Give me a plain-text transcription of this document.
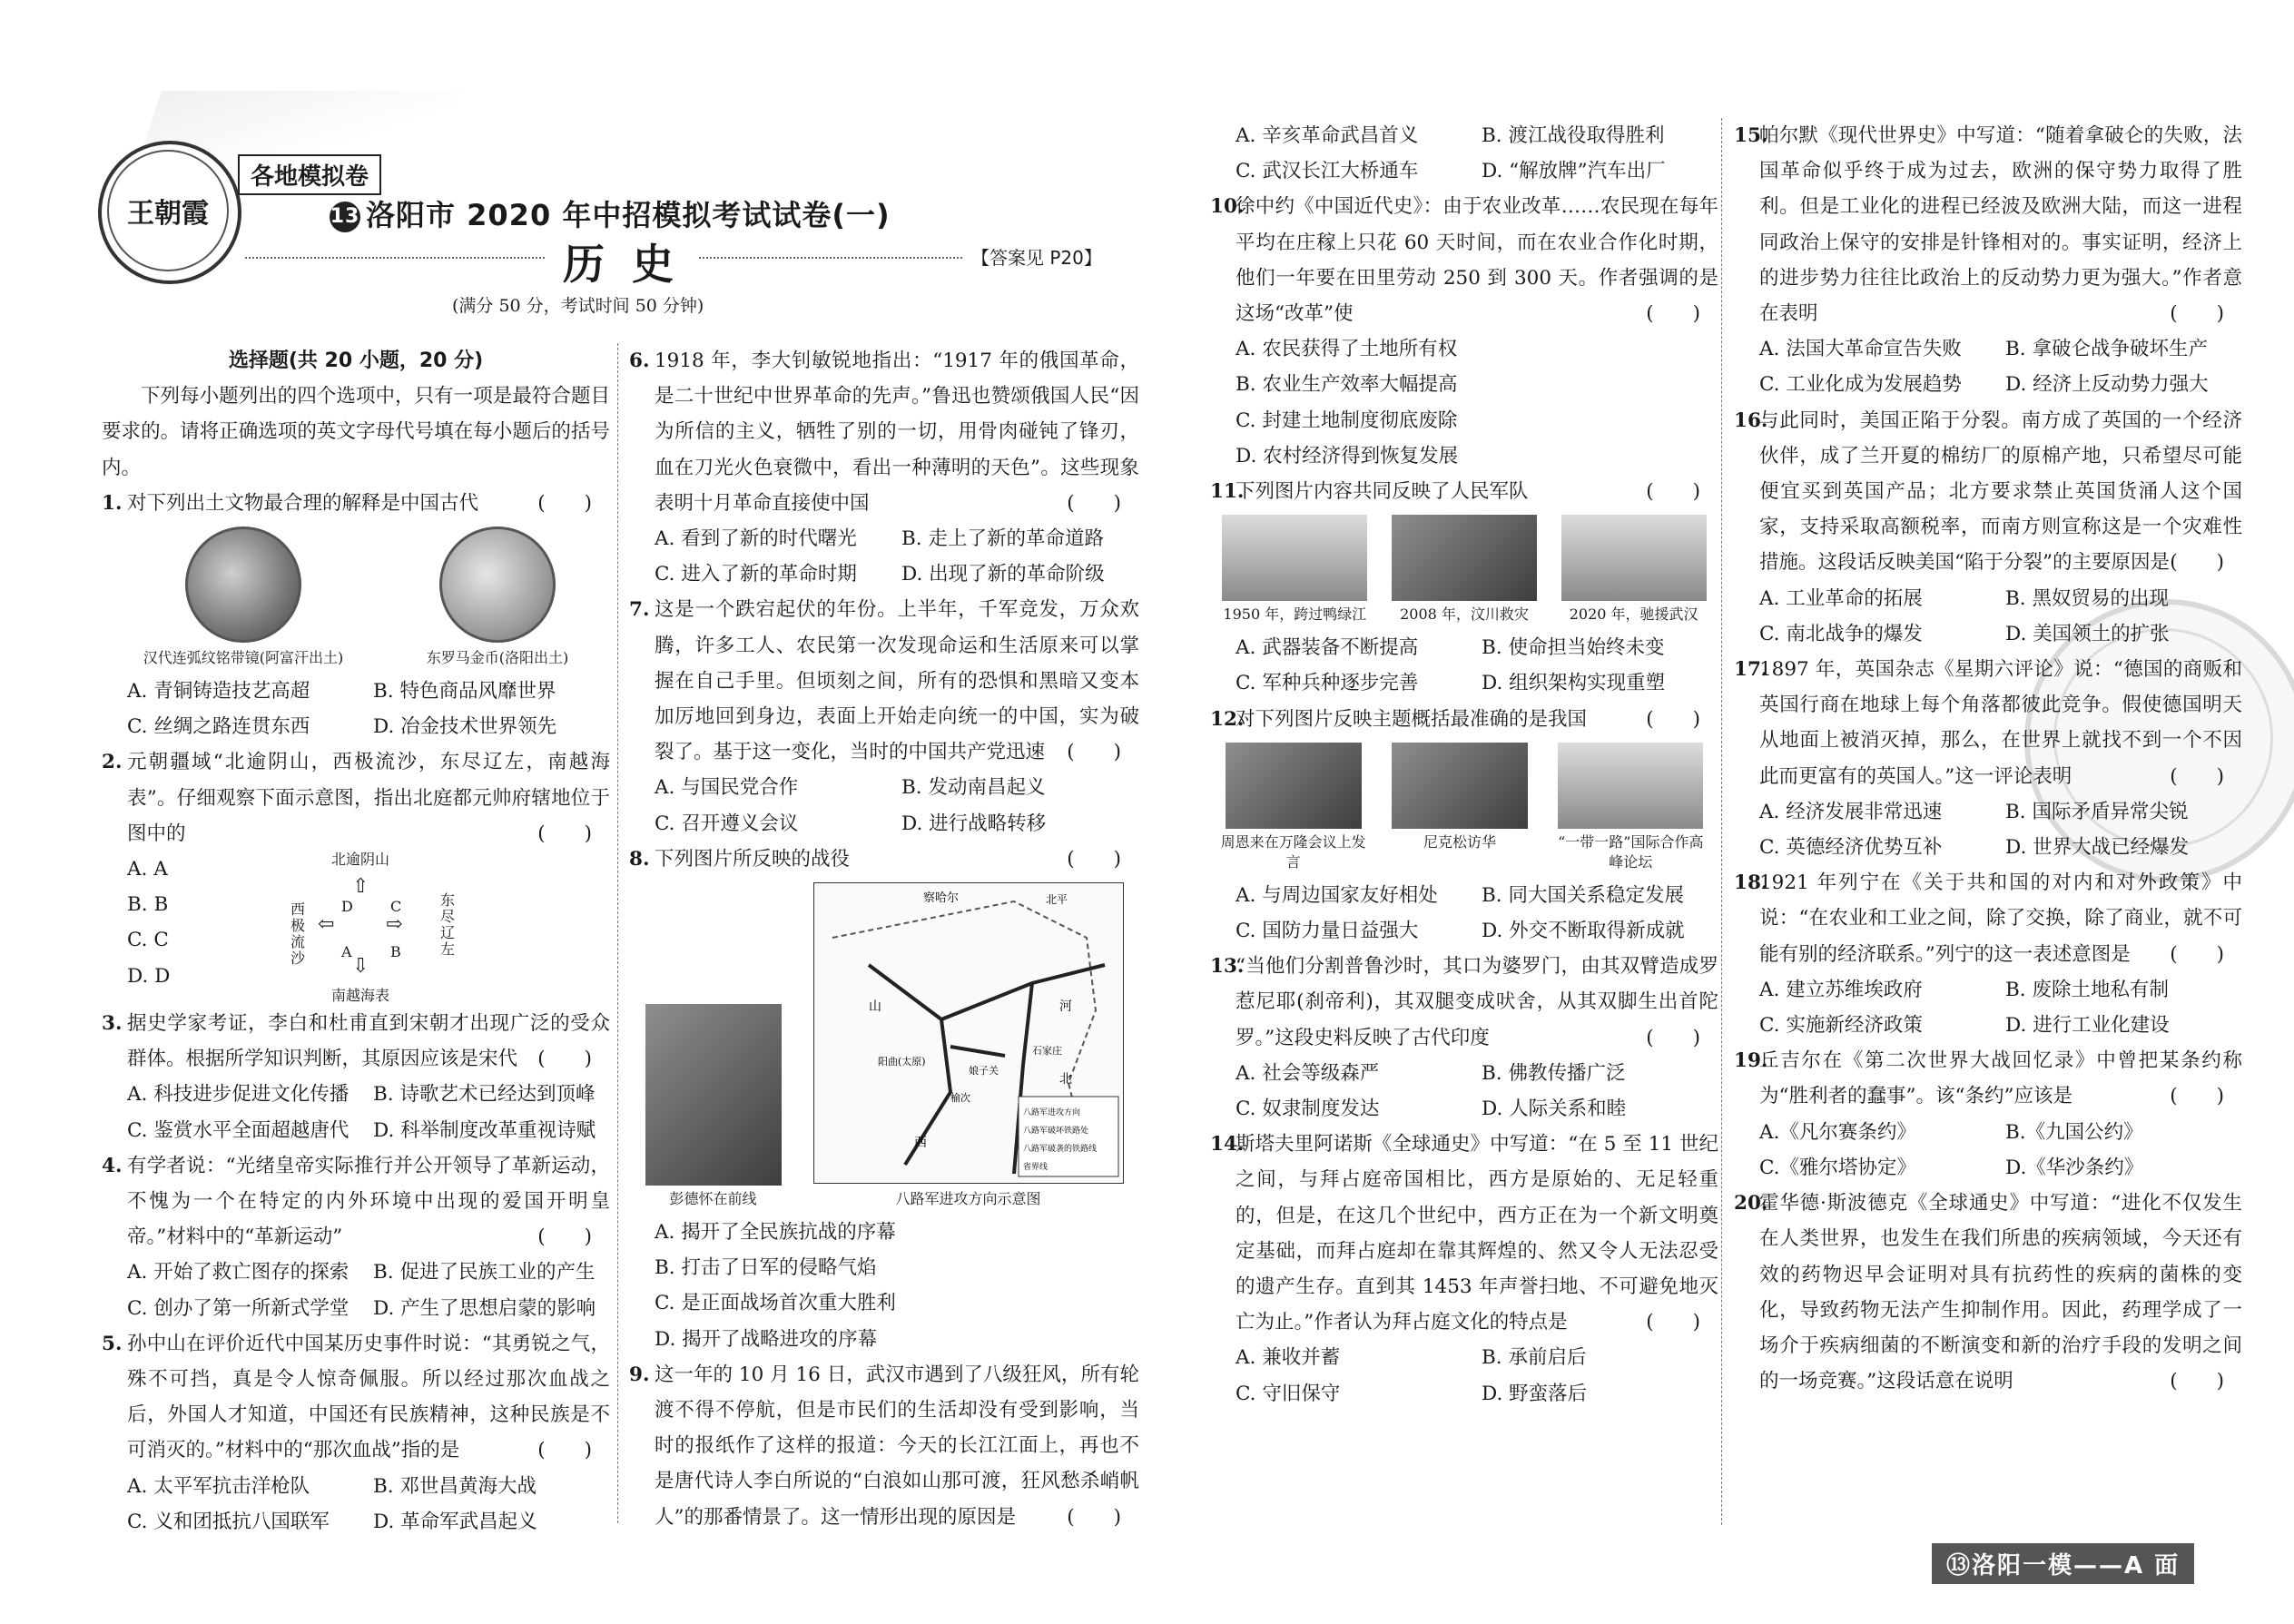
王朝霞
各地模拟卷
13 洛阳市 2020 年中招模拟考试试卷(一)
历史	【答案见 P20】
(满分 50 分，考试时间 50 分钟)
选择题(共 20 小题，20 分)

下列每小题列出的四个选项中，只有一项是最符合题目要求的。请将正确选项的英文字母代号填在每小题后的括号内。

1. 对下列出土文物最合理的解释是中国古代	(　　)

汉代连弧纹铭带镜(阿富汗出土)	东罗马金币(洛阳出土)
A. 青铜铸造技艺高超	B. 特色商品风靡世界
C. 丝绸之路连贯东西	D. 冶金技术世界领先
2. 元朝疆域“北逾阴山，西极流沙，东尽辽左，南越海表”。仔细观察下面示意图，指出北庭都元帅府辖地位于图中的	(　　)

A. A
B. B
C. C
D. D
北逾阴山
南越海表
西极流沙
东尽辽左
⇧
⇩
⇦	⇨
D	C
B
A
3. 据史学家考证，李白和杜甫直到宋朝才出现广泛的受众群体。根据所学知识判断，其原因应该是宋代 (　　)

A. 科技进步促进文化传播	B. 诗歌艺术已经达到顶峰
C. 鉴赏水平全面超越唐代	D. 科举制度改革重视诗赋
4. 有学者说：“光绪皇帝实际推行并公开领导了革新运动，不愧为一个在特定的内外环境中出现的爱国开明皇帝。”材料中的“革新运动”	(　　)

A. 开始了救亡图存的探索	B. 促进了民族工业的产生
C. 创办了第一所新式学堂	D. 产生了思想启蒙的影响
5. 孙中山在评价近代中国某历史事件时说：“其勇锐之气，殊不可挡，真是令人惊奇佩服。所以经过那次血战之后，外国人才知道，中国还有民族精神，这种民族是不可消灭的。”材料中的“那次血战”指的是	(　　)

A. 太平军抗击洋枪队	B. 邓世昌黄海大战
C. 义和团抵抗八国联军	D. 革命军武昌起义
6. 1918 年，李大钊敏锐地指出：“1917 年的俄国革命，是二十世纪中世界革命的先声。”鲁迅也赞颂俄国人民“因为所信的主义，牺牲了别的一切，用骨肉碰钝了锋刃，血在刀光火色衰微中，看出一种薄明的天色”。这些现象表明十月革命直接使中国	(　　)

A. 看到了新的时代曙光	B. 走上了新的革命道路
C. 进入了新的革命时期	D. 出现了新的革命阶级
7. 这是一个跌宕起伏的年份。上半年，千军竞发，万众欢腾，许多工人、农民第一次发现命运和生活原来可以掌握在自己手里。但顷刻之间，所有的恐惧和黑暗又变本加厉地回到身边，表面上开始走向统一的中国，实为破裂了。基于这一变化，当时的中国共产党迅速 (　　)

A. 与国民党合作	B. 发动南昌起义
C. 召开遵义会议	D. 进行战略转移
8. 下列图片所反映的战役	(　　)

彭德怀在前线
察哈尔	北平
山	河
北
西
阳曲(太原)
榆次
娘子关
石家庄
八路军进攻方向
八路军破坏铁路处
八路军破袭的铁路线
省界线
八路军进攻方向示意图
A. 揭开了全民族抗战的序幕
B. 打击了日军的侵略气焰
C. 是正面战场首次重大胜利
D. 揭开了战略进攻的序幕
9. 这一年的 10 月 16 日，武汉市遇到了八级狂风，所有轮渡不得不停航，但是市民们的生活却没有受到影响，当时的报纸作了这样的报道：今天的长江江面上，再也不是唐代诗人李白所说的“白浪如山那可渡，狂风愁杀峭帆人”的那番情景了。这一情形出现的原因是	(　　)

A. 辛亥革命武昌首义	B. 渡江战役取得胜利
C. 武汉长江大桥通车	D. “解放牌”汽车出厂
10.

徐中约《中国近代史》：由于农业改革……农民现在每年平均在庄稼上只花 60 天时间，而在农业合作化时期，他们一年要在田里劳动 250 到 300 天。作者强调的是这场“改革”使	(　　)

A. 农民获得了土地所有权
B. 农业生产效率大幅提高
C. 封建土地制度彻底废除
D. 农村经济得到恢复发展
11.

下列图片内容共同反映了人民军队	(　　)

1950 年，跨过鸭绿江	2008 年，汶川救灾	2020 年，驰援武汉
A. 武器装备不断提高	B. 使命担当始终未变
C. 军种兵种逐步完善	D. 组织架构实现重塑
12.

对下列图片反映主题概括最准确的是我国	(　　)

周恩来在万隆会议上发言
尼克松访华	“一带一路”国际合作高峰论坛
A. 与周边国家友好相处	B. 同大国关系稳定发展
C. 国防力量日益强大	D. 外交不断取得新成就
13.

“当他们分割普鲁沙时，其口为婆罗门，由其双臂造成罗惹尼耶(刹帝利)，其双腿变成吠舍，从其双脚生出首陀罗。”这段史料反映了古代印度	(　　)

A. 社会等级森严	B. 佛教传播广泛
C. 奴隶制度发达	D. 人际关系和睦
14.

斯塔夫里阿诺斯《全球通史》中写道：“在 5 至 11 世纪之间，与拜占庭帝国相比，西方是原始的、无足轻重的，但是，在这几个世纪中，西方正在为一个新文明奠定基础，而拜占庭却在靠其辉煌的、然又令人无法忍受的遗产生存。直到其 1453 年声誉扫地、不可避免地灭亡为止。”作者认为拜占庭文化的特点是	(　　)

A. 兼收并蓄	B. 承前启后
C. 守旧保守	D. 野蛮落后
15.

帕尔默《现代世界史》中写道：“随着拿破仑的失败，法国革命似乎终于成为过去，欧洲的保守势力取得了胜利。但是工业化的进程已经波及欧洲大陆，而这一进程同政治上保守的安排是针锋相对的。事实证明，经济上的进步势力往往比政治上的反动势力更为强大。”作者意在表明	(　　)

A. 法国大革命宣告失败	B. 拿破仑战争破坏生产
C. 工业化成为发展趋势	D. 经济上反动势力强大
16.

与此同时，美国正陷于分裂。南方成了英国的一个经济伙伴，成了兰开夏的棉纺厂的原棉产地，只希望尽可能便宜买到英国产品；北方要求禁止英国货涌人这个国家，支持采取高额税率，而南方则宣称这是一个灾难性措施。这段话反映美国“陷于分裂”的主要原因是 (　　)

A. 工业革命的拓展	B. 黑奴贸易的出现
C. 南北战争的爆发	D. 美国领土的扩张
17.

1897 年，英国杂志《星期六评论》说：“德国的商贩和英国行商在地球上每个角落都彼此竞争。假使德国明天从地面上被消灭掉，那么，在世界上就找不到一个不因此而更富有的英国人。”这一评论表明	(　　)

A. 经济发展非常迅速	B. 国际矛盾异常尖锐
C. 英德经济优势互补	D. 世界大战已经爆发
18.

1921 年列宁在《关于共和国的对内和对外政策》中说：“在农业和工业之间，除了交换，除了商业，就不可能有别的经济联系。”列宁的这一表述意图是 (　　)

A. 建立苏维埃政府	B. 废除土地私有制
C. 实施新经济政策	D. 进行工业化建设
19.

丘吉尔在《第二次世界大战回忆录》中曾把某条约称为“胜利者的蠢事”。该“条约”应该是	(　　)

A.《凡尔赛条约》	B.《九国公约》
C.《雅尔塔协定》	D.《华沙条约》
20.

霍华德·斯波德克《全球通史》中写道：“进化不仅发生在人类世界，也发生在我们所患的疾病领域，今天还有效的药物迟早会证明对具有抗药性的疾病的菌株的变化，导致药物无法产生抑制作用。因此，药理学成了一场介于疾病细菌的不断演变和新的治疗手段的发明之间的一场竞赛。”这段话意在说明	(　　)

⑬洛阳一模——A 面
